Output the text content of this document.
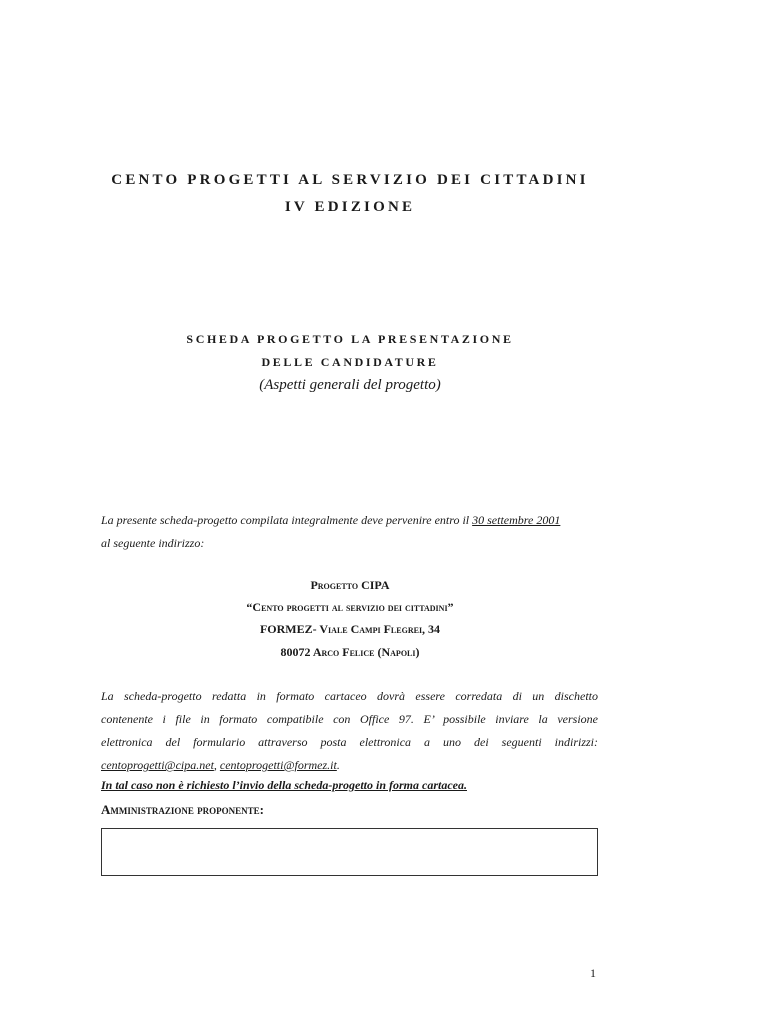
CENTO PROGETTI AL SERVIZIO DEI CITTADINI
IV EDIZIONE
SCHEDA PROGETTO LA PRESENTAZIONE
DELLE CANDIDATURE
(Aspetti generali del progetto)
La presente scheda-progetto compilata integralmente deve pervenire entro il 30 settembre 2001
al seguente indirizzo:
Progetto CIPA
“Cento progetti al servizio dei cittadini”
FORMEZ- Viale Campi Flegrei, 34
80072 Arco Felice (Napoli)
La scheda-progetto redatta in formato cartaceo dovrà essere corredata di un dischetto
contenente i file in formato compatibile con Office 97. E’ possibile inviare la versione
elettronica del formulario attraverso posta elettronica a uno dei seguenti indirizzi:
centoprogetti@cipa.net, centoprogetti@formez.it.
In tal caso non è richiesto l’invio della scheda-progetto in forma cartacea.
Amministrazione proponente:
1
